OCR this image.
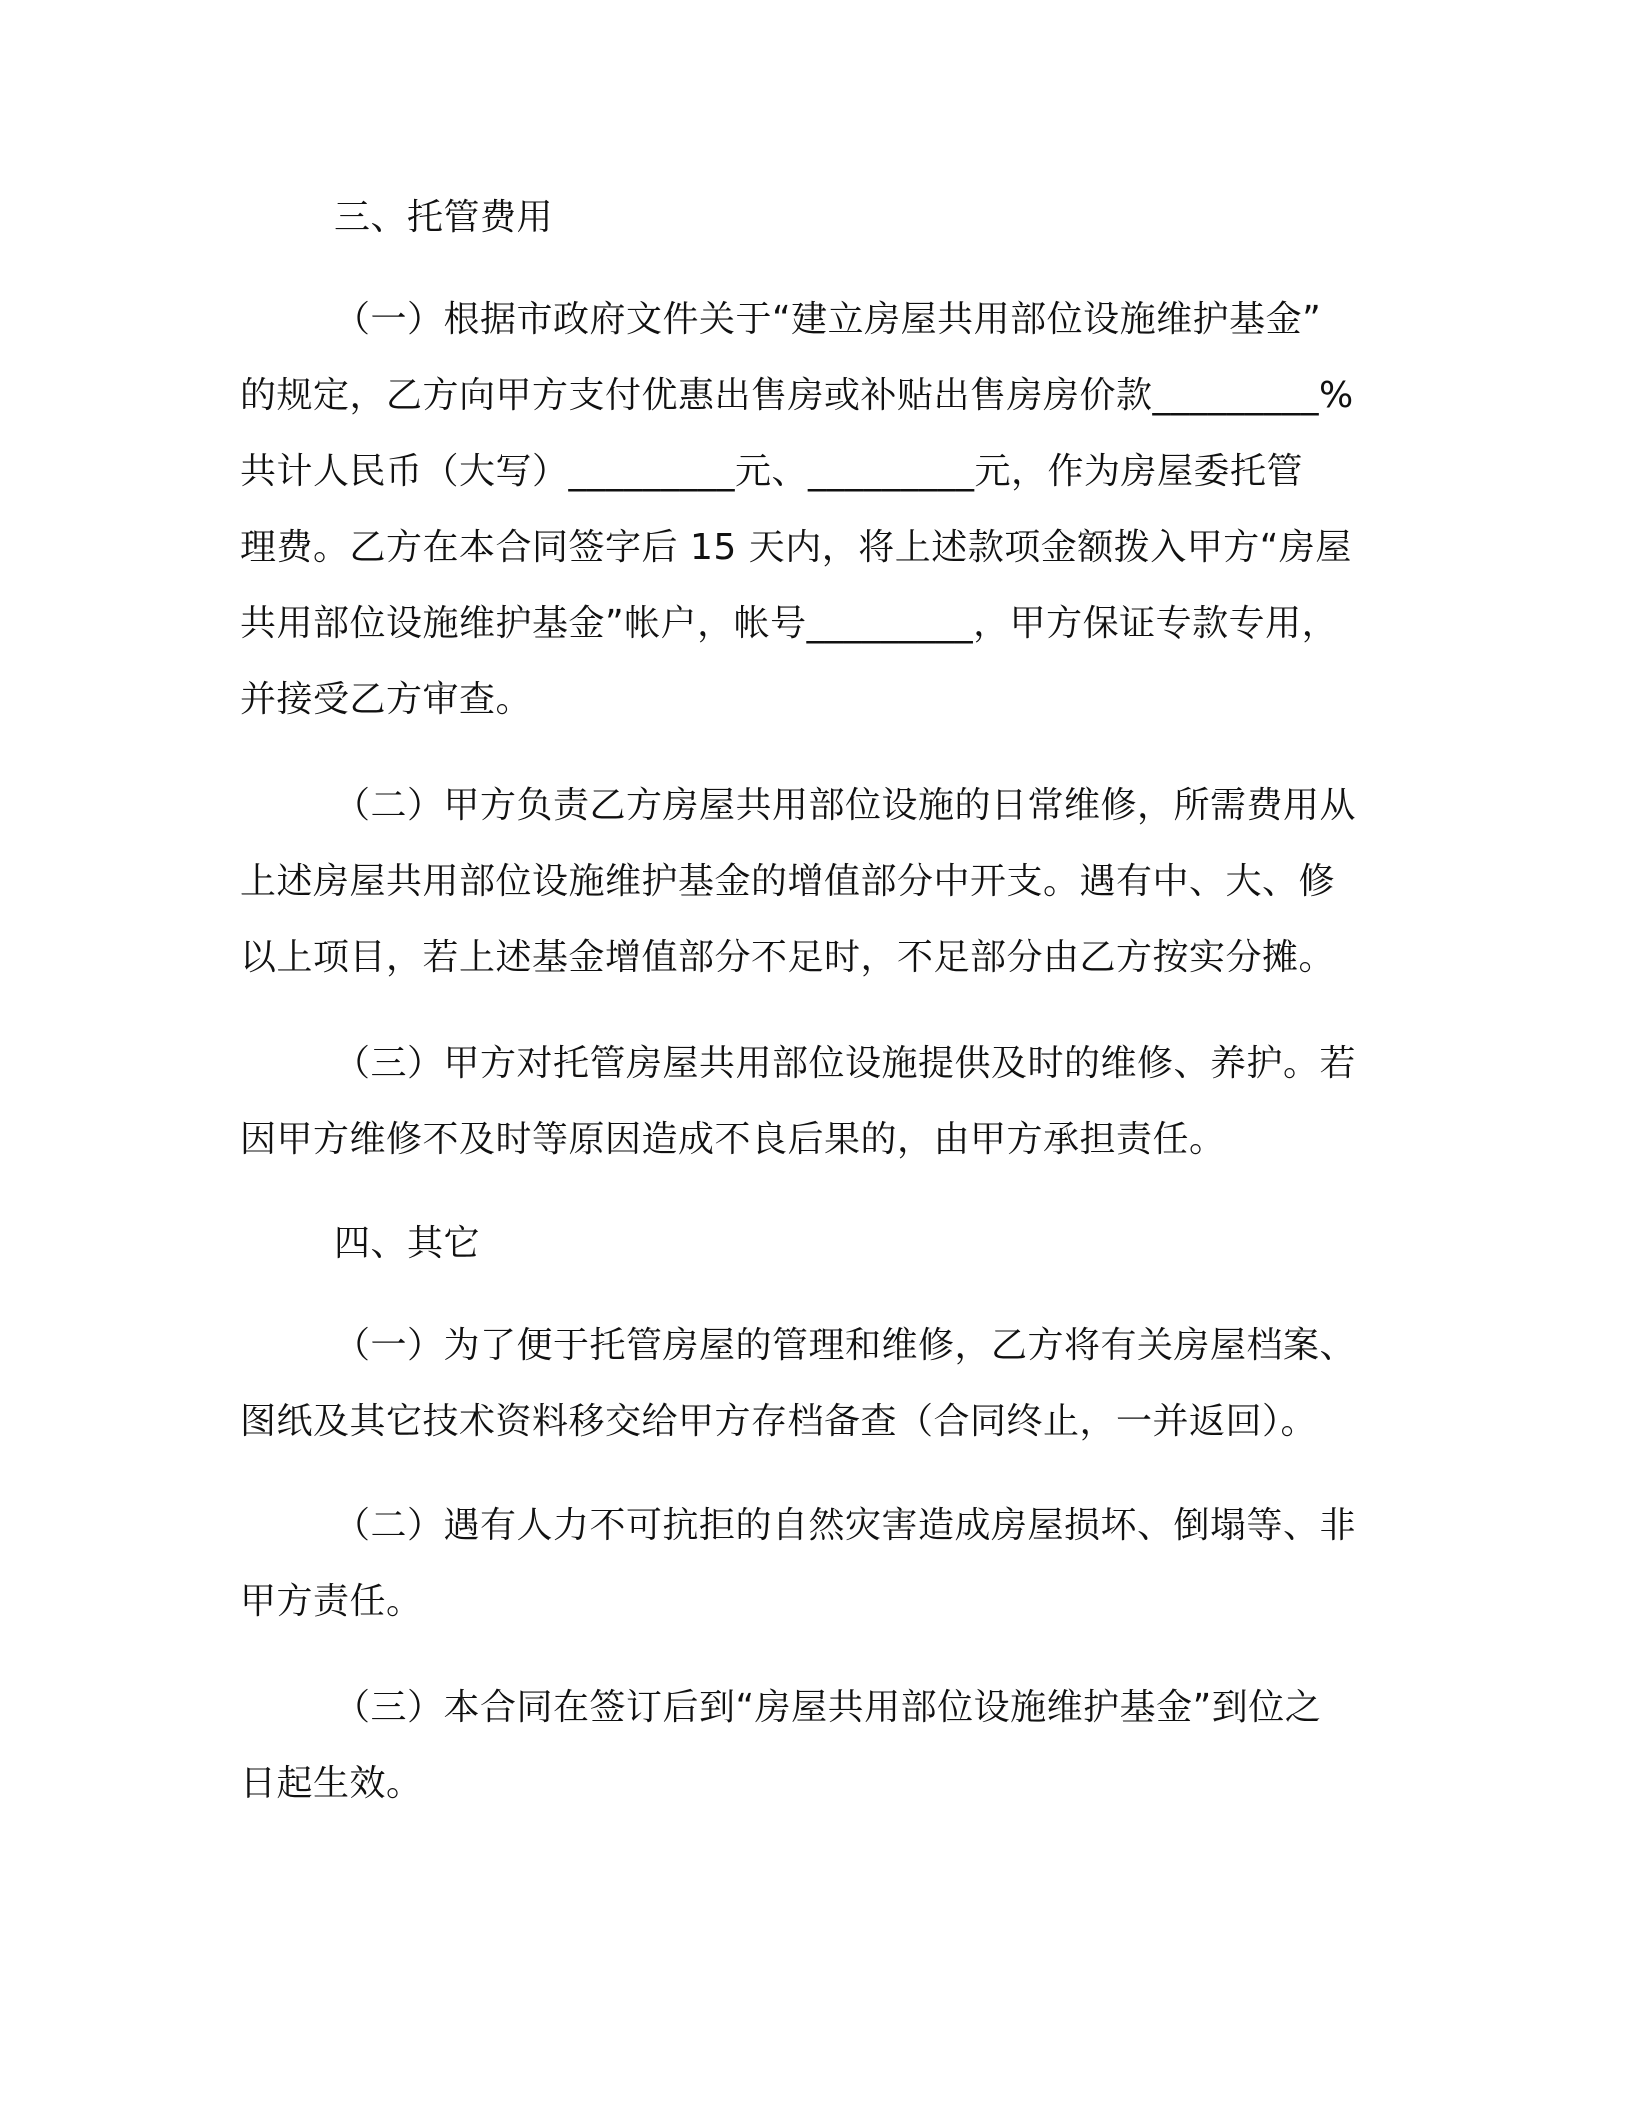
三、托管费用
（一）根据市政府文件关于“建立房屋共用部位设施维护基金”
的规定，乙方向甲方支付优惠出售房或补贴出售房房价款_________%
共计人民币（大写）_________元、_________元，作为房屋委托管
理费。乙方在本合同签字后 15 天内，将上述款项金额拨入甲方“房屋
共用部位设施维护基金”帐户，帐号_________，甲方保证专款专用，
并接受乙方审查。
（二）甲方负责乙方房屋共用部位设施的日常维修，所需费用从
上述房屋共用部位设施维护基金的增值部分中开支。遇有中、大、修
以上项目，若上述基金增值部分不足时，不足部分由乙方按实分摊。
（三）甲方对托管房屋共用部位设施提供及时的维修、养护。若
因甲方维修不及时等原因造成不良后果的，由甲方承担责任。
四、其它
（一）为了便于托管房屋的管理和维修，乙方将有关房屋档案、
图纸及其它技术资料移交给甲方存档备查（合同终止，一并返回）。
（二）遇有人力不可抗拒的自然灾害造成房屋损坏、倒塌等、非
甲方责任。
（三）本合同在签订后到“房屋共用部位设施维护基金”到位之
日起生效。
